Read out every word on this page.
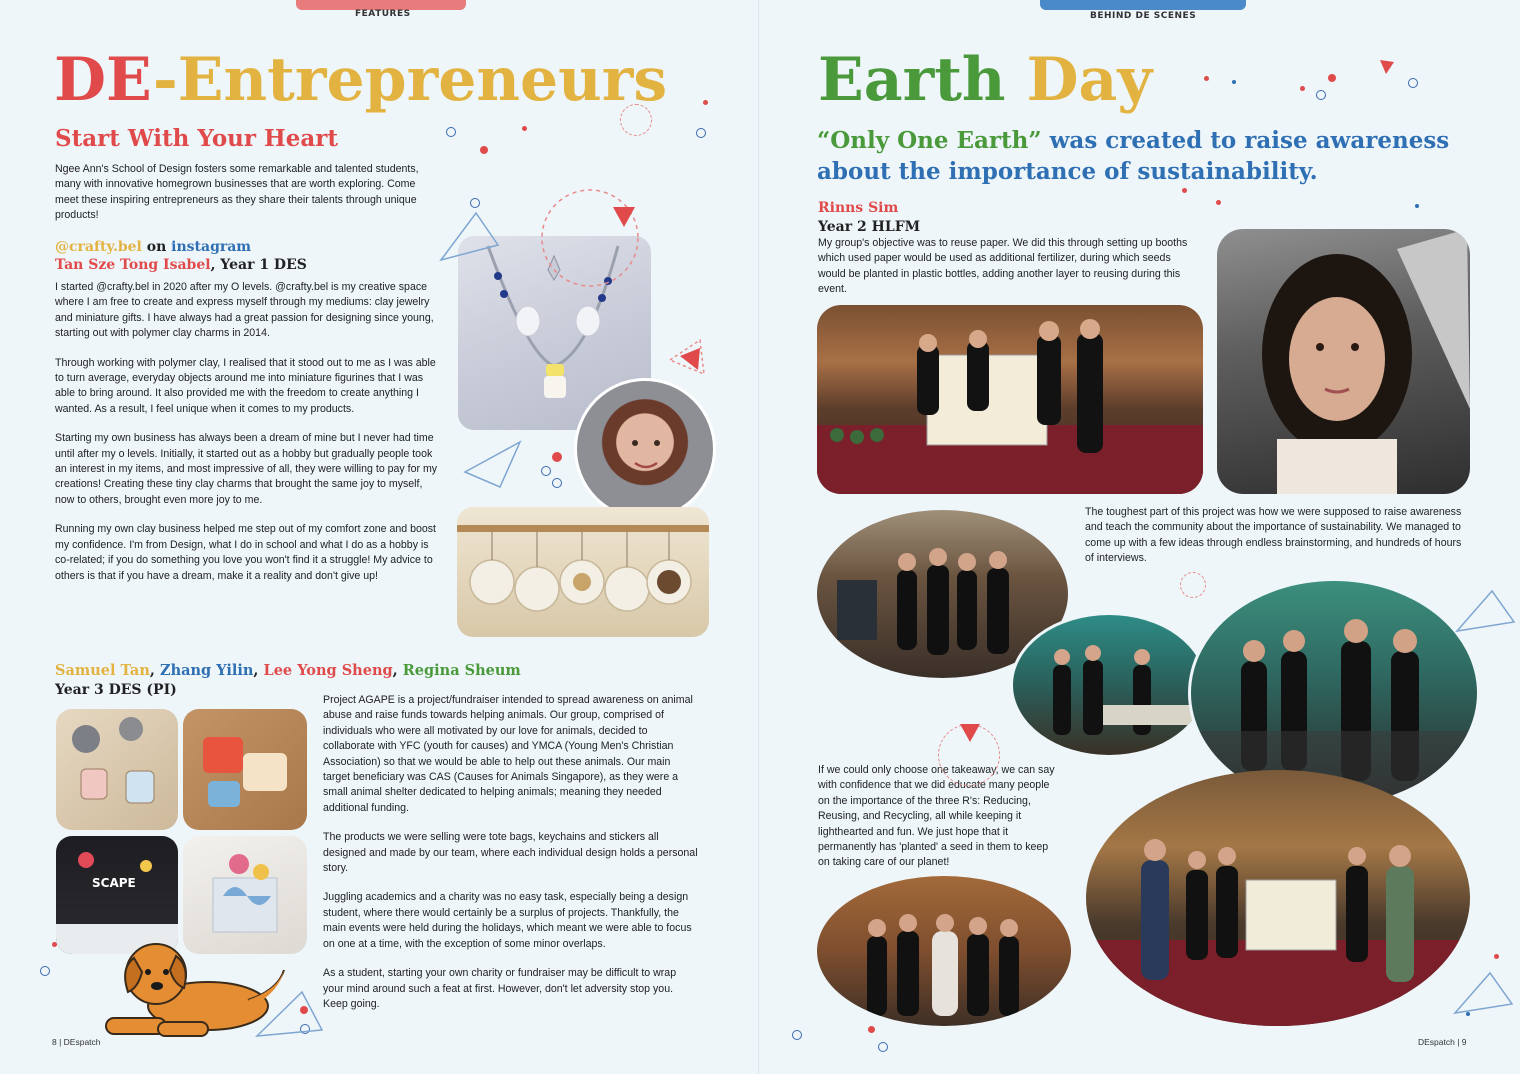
FEATURES
DE-Entrepreneurs
Start With Your Heart

Ngee Ann's School of Design fosters some remarkable and talented students, many with innovative homegrown businesses that are worth exploring. Come meet these inspiring entrepreneurs as they share their talents through unique products!

@crafty.bel on instagram
Tan Sze Tong Isabel, Year 1 DES

I started @crafty.bel in 2020 after my O levels. @crafty.bel is my creative space where I am free to create and express myself through my mediums: clay jewelry and miniature gifts. I have always had a great passion for designing since young, starting out with polymer clay charms in 2014.

Through working with polymer clay, I realised that it stood out to me as I was able to turn average, everyday objects around me into miniature figurines that I was able to bring around. It also provided me with the freedom to create anything I wanted. As a result, I feel unique when it comes to my products.

Starting my own business has always been a dream of mine but I never had time until after my o levels. Initially, it started out as a hobby but gradually people took an interest in my items, and most impressive of all, they were willing to pay for my creations! Creating these tiny clay charms that brought the same joy to myself, now to others, brought even more joy to me.

Running my own clay business helped me step out of my comfort zone and boost my confidence. I'm from Design, what I do in school and what I do as a hobby is co-related; if you do something you love you won't find it a struggle! My advice to others is that if you have a dream, make it a reality and don't give up!

Samuel Tan, Zhang Yilin, Lee Yong Sheng, Regina Sheum
Year 3 DES (PI)

Project AGAPE is a project/fundraiser intended to spread awareness on animal abuse and raise funds towards helping animals. Our group, comprised of individuals who were all motivated by our love for animals, decided to collaborate with YFC (youth for causes) and YMCA (Young Men's Christian Association) so that we would be able to help out these animals. Our main target beneficiary was CAS (Causes for Animals Singapore), as they were a small animal shelter dedicated to helping animals; meaning they needed additional funding.

The products we were selling were tote bags, keychains and stickers all designed and made by our team, where each individual design holds a personal story.

Juggling academics and a charity was no easy task, especially being a design student, where there would certainly be a surplus of projects. Thankfully, the main events were held during the holidays, which meant we were able to focus on one at a time, with the exception of some minor overlaps.

As a student, starting your own charity or fundraiser may be difficult to wrap your mind around such a feat at first. However, don't let adversity stop you. Keep going.

SCAPE
8 | DEspatch
BEHIND DE SCENES
Earth Day
“Only One Earth” was created to raise awareness about the importance of sustainability.
Rinns Sim
Year 2 HLFM

My group's objective was to reuse paper. We did this through setting up booths which used paper would be used as additional fertilizer, during which seeds would be planted in plastic bottles, adding another layer to reusing during this event.

The toughest part of this project was how we were supposed to raise awareness and teach the community about the importance of sustainability. We managed to come up with a few ideas through endless brainstorming, and hundreds of hours of interviews.

If we could only choose one takeaway, we can say with confidence that we did educate many people on the importance of the three R's: Reducing, Reusing, and Recycling, all while keeping it lighthearted and fun. We just hope that it permanently has 'planted' a seed in them to keep on taking care of our planet!

DEspatch | 9
